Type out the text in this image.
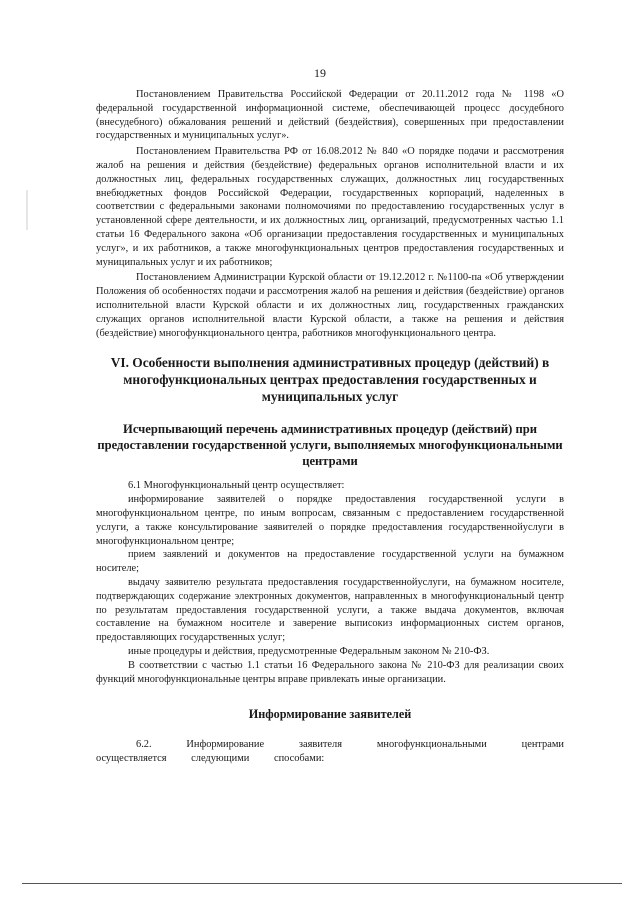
19

Постановлением Правительства Российской Федерации от 20.11.2012 года № 1198 «О федеральной государственной информационной системе, обеспечивающей процесс досудебного (внесудебного) обжалования решений и действий (бездействия), совершенных при предоставлении государственных и муниципальных услуг».

Постановлением Правительства РФ от 16.08.2012 № 840 «О порядке подачи и рассмотрения жалоб на решения и действия (бездействие) федеральных органов исполнительной власти и их должностных лиц, федеральных государственных служащих, должностных лиц государственных внебюджетных фондов Российской Федерации, государственных корпораций, наделенных в соответствии с федеральными законами полномочиями по предоставлению государственных услуг в установленной сфере деятельности, и их должностных лиц, организаций, предусмотренных частью 1.1 статьи 16 Федерального закона «Об организации предоставления государственных и муниципальных услуг», и их работников, а также многофункциональных центров предоставления государственных и муниципальных услуг и их работников;

Постановлением Администрации Курской области от 19.12.2012 г. №1100-па «Об утверждении Положения об особенностях подачи и рассмотрения жалоб на решения и действия (бездействие) органов исполнительной власти Курской области и их должностных лиц, государственных гражданских служащих органов исполнительной власти Курской области, а также на решения и действия (бездействие) многофункционального центра, работников многофункционального центра.

VI. Особенности выполнения административных процедур (действий) в многофункциональных центрах предоставления государственных и муниципальных услуг
Исчерпывающий перечень административных процедур (действий) при предоставлении государственной услуги, выполняемых многофункциональными центрами

6.1 Многофункциональный центр осуществляет:

информирование заявителей о порядке предоставления государственной услуги в многофункциональном центре, по иным вопросам, связанным с предоставлением государственной услуги, а также консультирование заявителей о порядке предоставления государственнойуслуги в многофункциональном центре;

прием заявлений и документов на предоставление государственной услуги на бумажном носителе;

выдачу заявителю результата предоставления государственнойуслуги, на бумажном носителе, подтверждающих содержание электронных документов, направленных в многофункциональный центр по результатам предоставления государственной услуги, а также выдача документов, включая составление на бумажном носителе и заверение выписокиз информационных систем органов, предоставляющих государственных услуг;

иные процедуры и действия, предусмотренные Федеральным законом № 210-ФЗ.

В соответствии с частью 1.1 статьи 16 Федерального закона № 210-ФЗ для реализации своих функций многофункциональные центры вправе привлекать иные организации.

Информирование заявителей

6.2. Информирование заявителя многофункциональными центрами осуществляется следующими способами:
